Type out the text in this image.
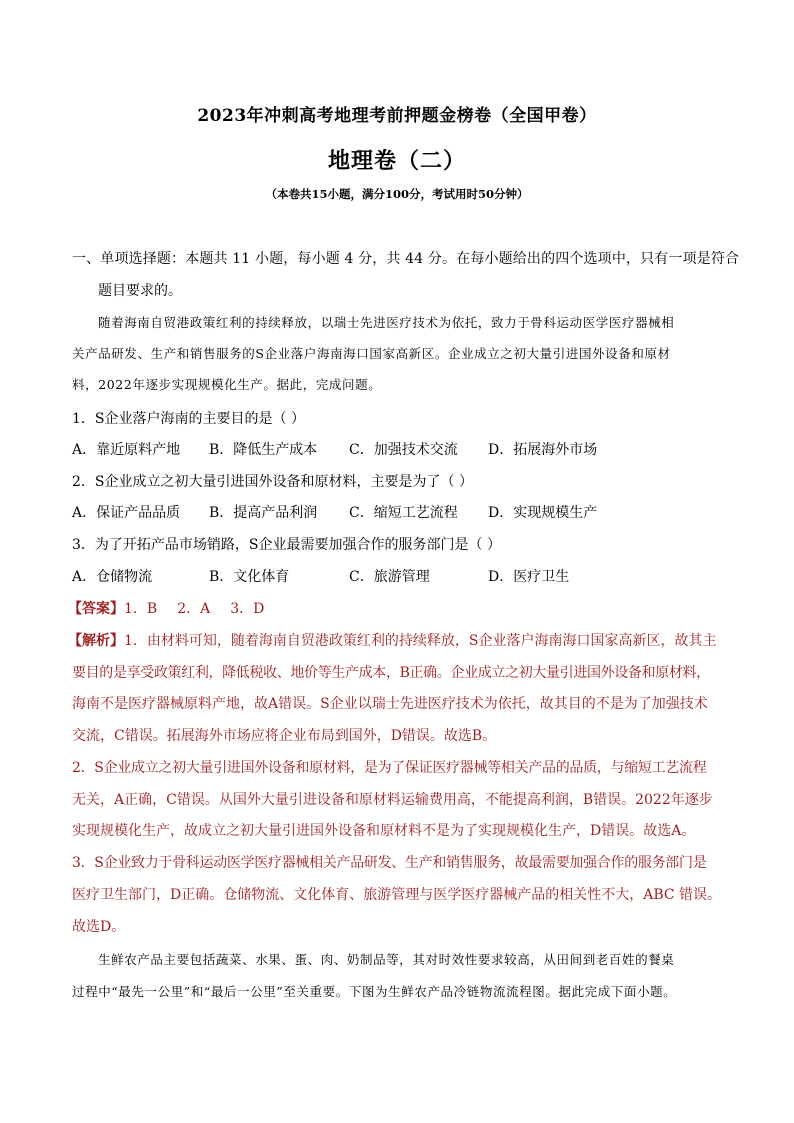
2023年冲刺高考地理考前押题金榜卷（全国甲卷）
地理卷（二）
（本卷共15小题，满分100分，考试用时50分钟）
一、单项选择题：本题共 11 小题，每小题 4 分，共 44 分。在每小题给出的四个选项中，只有一项是符合
题目要求的。
随着海南自贸港政策红利的持续释放，以瑞士先进医疗技术为依托，致力于骨科运动医学医疗器械相
关产品研发、生产和销售服务的S企业落户海南海口国家高新区。企业成立之初大量引进国外设备和原材
料，2022年逐步实现规模化生产。据此，完成问题。
1．S企业落户海南的主要目的是（ ）
A．靠近原料产地 B．降低生产成本 C．加强技术交流 D．拓展海外市场
2．S企业成立之初大量引进国外设备和原材料，主要是为了（ ）
A．保证产品品质 B．提高产品利润 C．缩短工艺流程 D．实现规模生产
3．为了开拓产品市场销路，S企业最需要加强合作的服务部门是（ ）
A．仓储物流	B．文化体育	C．旅游管理	D．医疗卫生
【答案】1．B 2．A 3．D
【解析】1．由材料可知，随着海南自贸港政策红利的持续释放，S企业落户海南海口国家高新区，故其主
要目的是享受政策红利，降低税收、地价等生产成本，B正确。企业成立之初大量引进国外设备和原材料，
海南不是医疗器械原料产地，故A错误。S企业以瑞士先进医疗技术为依托，故其目的不是为了加强技术
交流，C错误。拓展海外市场应将企业布局到国外，D错误。故选B。
2．S企业成立之初大量引进国外设备和原材料，是为了保证医疗器械等相关产品的品质，与缩短工艺流程
无关，A正确，C错误。从国外大量引进设备和原材料运输费用高，不能提高利润，B错误。2022年逐步
实现规模化生产，故成立之初大量引进国外设备和原材料不是为了实现规模化生产，D错误。故选A。
3．S企业致力于骨科运动医学医疗器械相关产品研发、生产和销售服务，故最需要加强合作的服务部门是
医疗卫生部门，D正确。仓储物流、文化体育、旅游管理与医学医疗器械产品的相关性不大，ABC 错误。
故选D。
生鲜农产品主要包括蔬菜、水果、蛋、肉、奶制品等，其对时效性要求较高，从田间到老百姓的餐桌
过程中“最先一公里”和“最后一公里”至关重要。下图为生鲜农产品冷链物流流程图。据此完成下面小题。
